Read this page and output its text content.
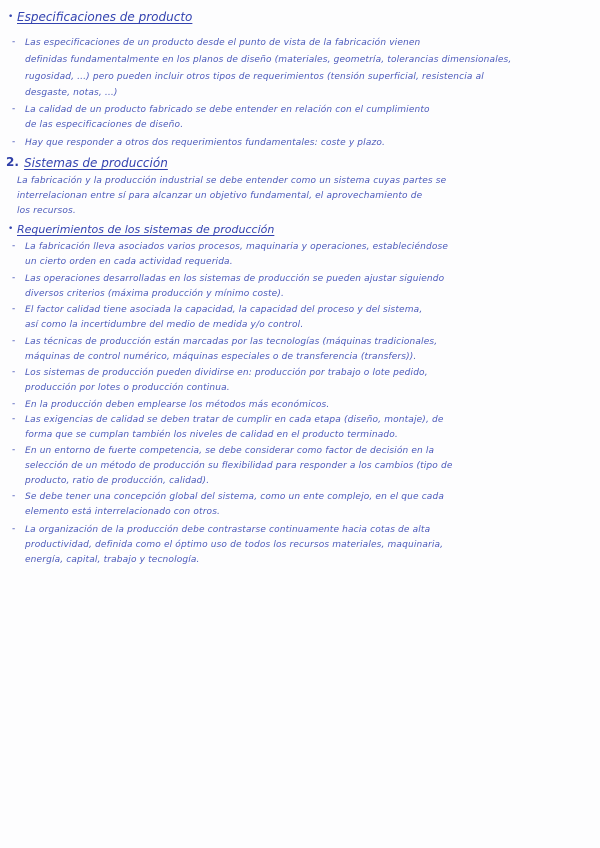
• Especificaciones de producto
- Las especificaciones de un producto desde el punto de vista de la fabricación vienen
definidas fundamentalmente en los planos de diseño (materiales, geometría, tolerancias dimensionales,
rugosidad, ...) pero pueden incluir otros tipos de requerimientos (tensión superficial, resistencia al
desgaste, notas, ...)
- La calidad de un producto fabricado se debe entender en relación con el cumplimiento
de las especificaciones de diseño.
- Hay que responder a otros dos requerimientos fundamentales: coste y plazo.
2. Sistemas de producción
La fabricación y la producción industrial se debe entender como un sistema cuyas partes se
interrelacionan entre sí para alcanzar un objetivo fundamental, el aprovechamiento de
los recursos.
• Requerimientos de los sistemas de producción
- La fabricación lleva asociados varios procesos, maquinaria y operaciones, estableciéndose
un cierto orden en cada actividad requerida.
- Las operaciones desarrolladas en los sistemas de producción se pueden ajustar siguiendo
diversos criterios (máxima producción y mínimo coste).
- El factor calidad tiene asociada la capacidad, la capacidad del proceso y del sistema,
así como la incertidumbre del medio de medida y/o control.
- Las técnicas de producción están marcadas por las tecnologías (máquinas tradicionales,
máquinas de control numérico, máquinas especiales o de transferencia (transfers)).
- Los sistemas de producción pueden dividirse en: producción por trabajo o lote pedido,
producción por lotes o producción continua.
- En la producción deben emplearse los métodos más económicos.
- Las exigencias de calidad se deben tratar de cumplir en cada etapa (diseño, montaje), de
forma que se cumplan también los niveles de calidad en el producto terminado.
- En un entorno de fuerte competencia, se debe considerar como factor de decisión en la
selección de un método de producción su flexibilidad para responder a los cambios (tipo de
producto, ratio de producción, calidad).
- Se debe tener una concepción global del sistema, como un ente complejo, en el que cada
elemento está interrelacionado con otros.
- La organización de la producción debe contrastarse continuamente hacia cotas de alta
productividad, definida como el óptimo uso de todos los recursos materiales, maquinaria,
energía, capital, trabajo y tecnología.
